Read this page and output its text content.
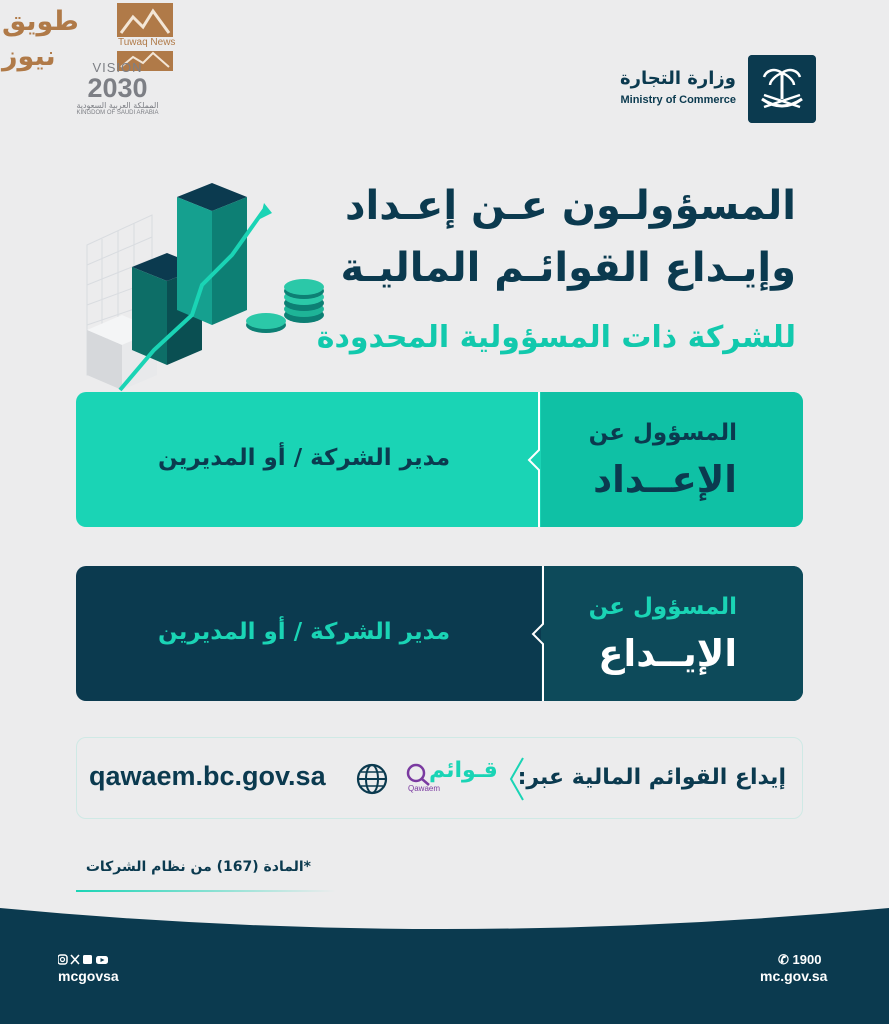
طويق نيوز	Tuwaq News
VISION
2030
المملكة العربية السعودية
KINGDOM OF SAUDI ARABIA
وزارة التجارة
Ministry of Commerce
المسؤولـون عـن إعـداد
وإيـداع القوائـم الماليـة
للشركة ذات المسؤولية المحدودة
المسؤول عن
الإعــداد
مدير الشركة / أو المديرين
المسؤول عن
الإيــداع
مدير الشركة / أو المديرين
إيداع القوائم المالية عبر:
قـوائم
Qawaem
qawaem.bc.gov.sa
*المادة (167) من نظام الشركات
mcgovsa
✆ 1900
mc.gov.sa
